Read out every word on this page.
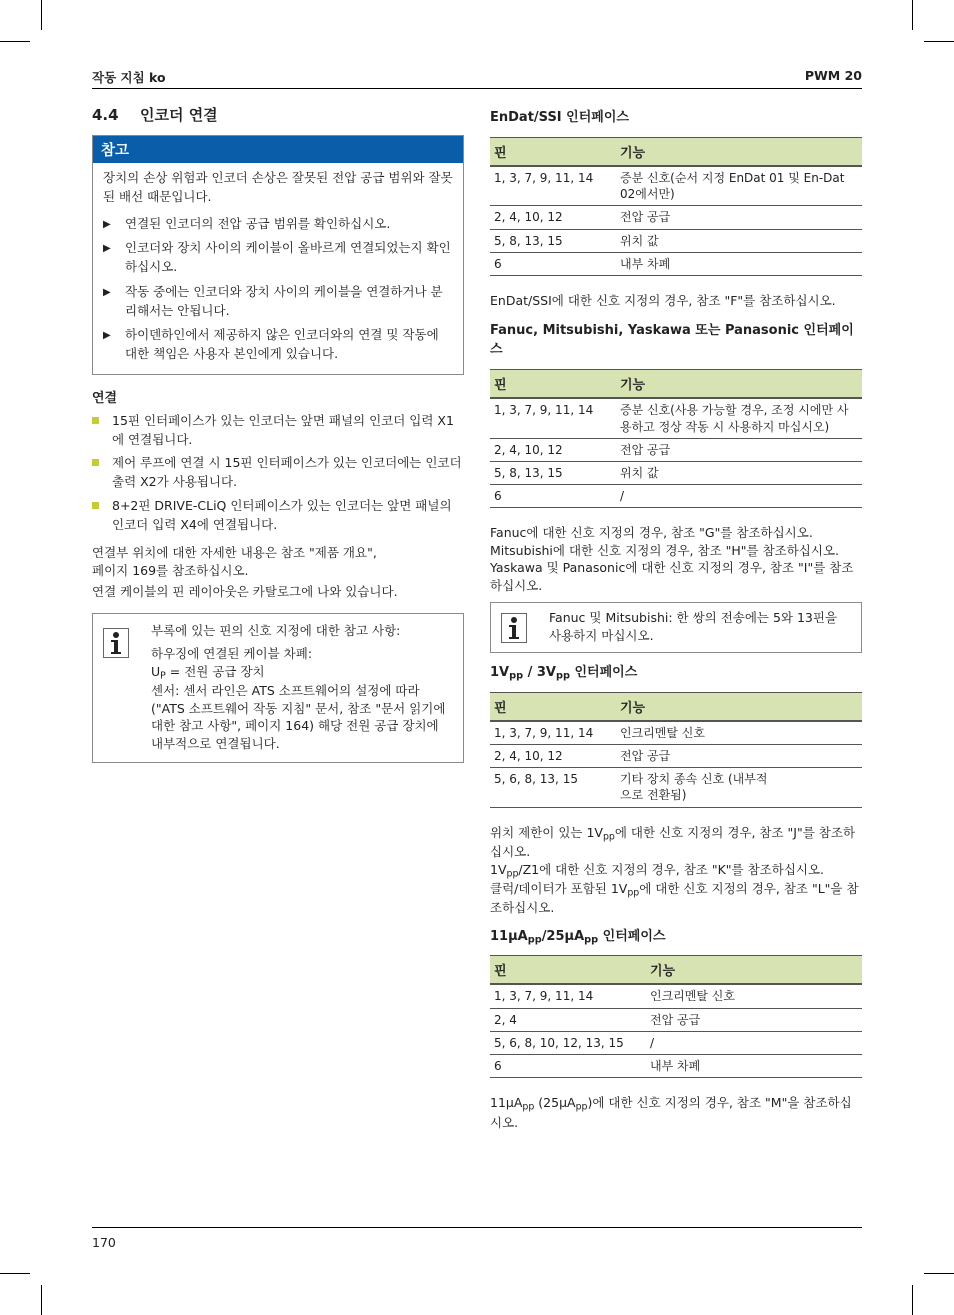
작동 지침 ko	PWM 20
4.4 인코더 연결
참고

장치의 손상 위험과 인코더 손상은 잘못된 전압 공급 범위와 잘못된 배선 때문입니다.

▶	연결된 인코더의 전압 공급 범위를 확인하십시오.
▶	인코더와 장치 사이의 케이블이 올바르게 연결되었는지 확인하십시오.
▶	작동 중에는 인코더와 장치 사이의 케이블을 연결하거나 분리해서는 안됩니다.
▶	하이덴하인에서 제공하지 않은 인코더와의 연결 및 작동에 대한 책임은 사용자 본인에게 있습니다.
연결
15핀 인터페이스가 있는 인코더는 앞면 패널의 인코더 입력 X1에 연결됩니다.
제어 루프에 연결 시 15핀 인터페이스가 있는 인코더에는 인코더 출력 X2가 사용됩니다.
8+2핀 DRIVE-CLiQ 인터페이스가 있는 인코더는 앞면 패널의 인코더 입력 X4에 연결됩니다.
연결부 위치에 대한 자세한 내용은 참조 "제품 개요",
페이지 169를 참조하십시오.
연결 케이블의 핀 레이아웃은 카탈로그에 나와 있습니다.

부록에 있는 핀의 신호 지정에 대한 참고 사항:

하우징에 연결된 케이블 차폐:
$U_P$ = 전원 공급 장치
센서: 센서 라인은 ATS 소프트웨어의 설정에 따라("ATS 소프트웨어 작동 지침" 문서, 참조 "문서 읽기에 대한 참고 사항", 페이지 164) 해당 전원 공급 장치에 내부적으로 연결됩니다.
EnDat/SSI 인터페이스
핀	기능
1, 3, 7, 9, 11, 14	증분 신호(순서 지정 EnDat 01 및 En-Dat 02에서만)
2, 4, 10, 12	전압 공급
5, 8, 13, 15	위치 값
6	내부 차폐
EnDat/SSI에 대한 신호 지정의 경우, 참조 "F"를 참조하십시오.
Fanuc, Mitsubishi, Yaskawa 또는 Panasonic 인터페이스
핀	기능
1, 3, 7, 9, 11, 14	증분 신호(사용 가능할 경우, 조정 시에만 사용하고 정상 작동 시 사용하지 마십시오)
2, 4, 10, 12	전압 공급
5, 8, 13, 15	위치 값
6	/
Fanuc에 대한 신호 지정의 경우, 참조 "G"를 참조하십시오.
Mitsubishi에 대한 신호 지정의 경우, 참조 "H"를 참조하십시오.
Yaskawa 및 Panasonic에 대한 신호 지정의 경우, 참조 "I"를 참조하십시오.
Fanuc 및 Mitsubishi: 한 쌍의 전송에는 5와 13핀을 사용하지 마십시오.
$1V_{pp} / 3V_{pp}$ 인터페이스
핀	기능
1, 3, 7, 9, 11, 14	인크리멘탈 신호
2, 4, 10, 12	전압 공급
5, 6, 8, 13, 15	기타 장치 종속 신호 (내부적으로 전환됨)
위치 제한이 있는 $1V_{pp}$에 대한 신호 지정의 경우, 참조 "J"를 참조하십시오.
$1V_{pp}/Z1$에 대한 신호 지정의 경우, 참조 "K"를 참조하십시오.
클럭/데이터가 포함된 $1V_{pp}$에 대한 신호 지정의 경우, 참조 "L"을 참조하십시오.
11µA$_{pp}$/25µA$_{pp}$ 인터페이스
핀	기능
1, 3, 7, 9, 11, 14	인크리멘탈 신호
2, 4	전압 공급
5, 6, 8, 10, 12, 13, 15	/
6	내부 차폐
11µA$_{pp}$ (25µA$_{pp}$)에 대한 신호 지정의 경우, 참조 "M"을 참조하십시오.
170
